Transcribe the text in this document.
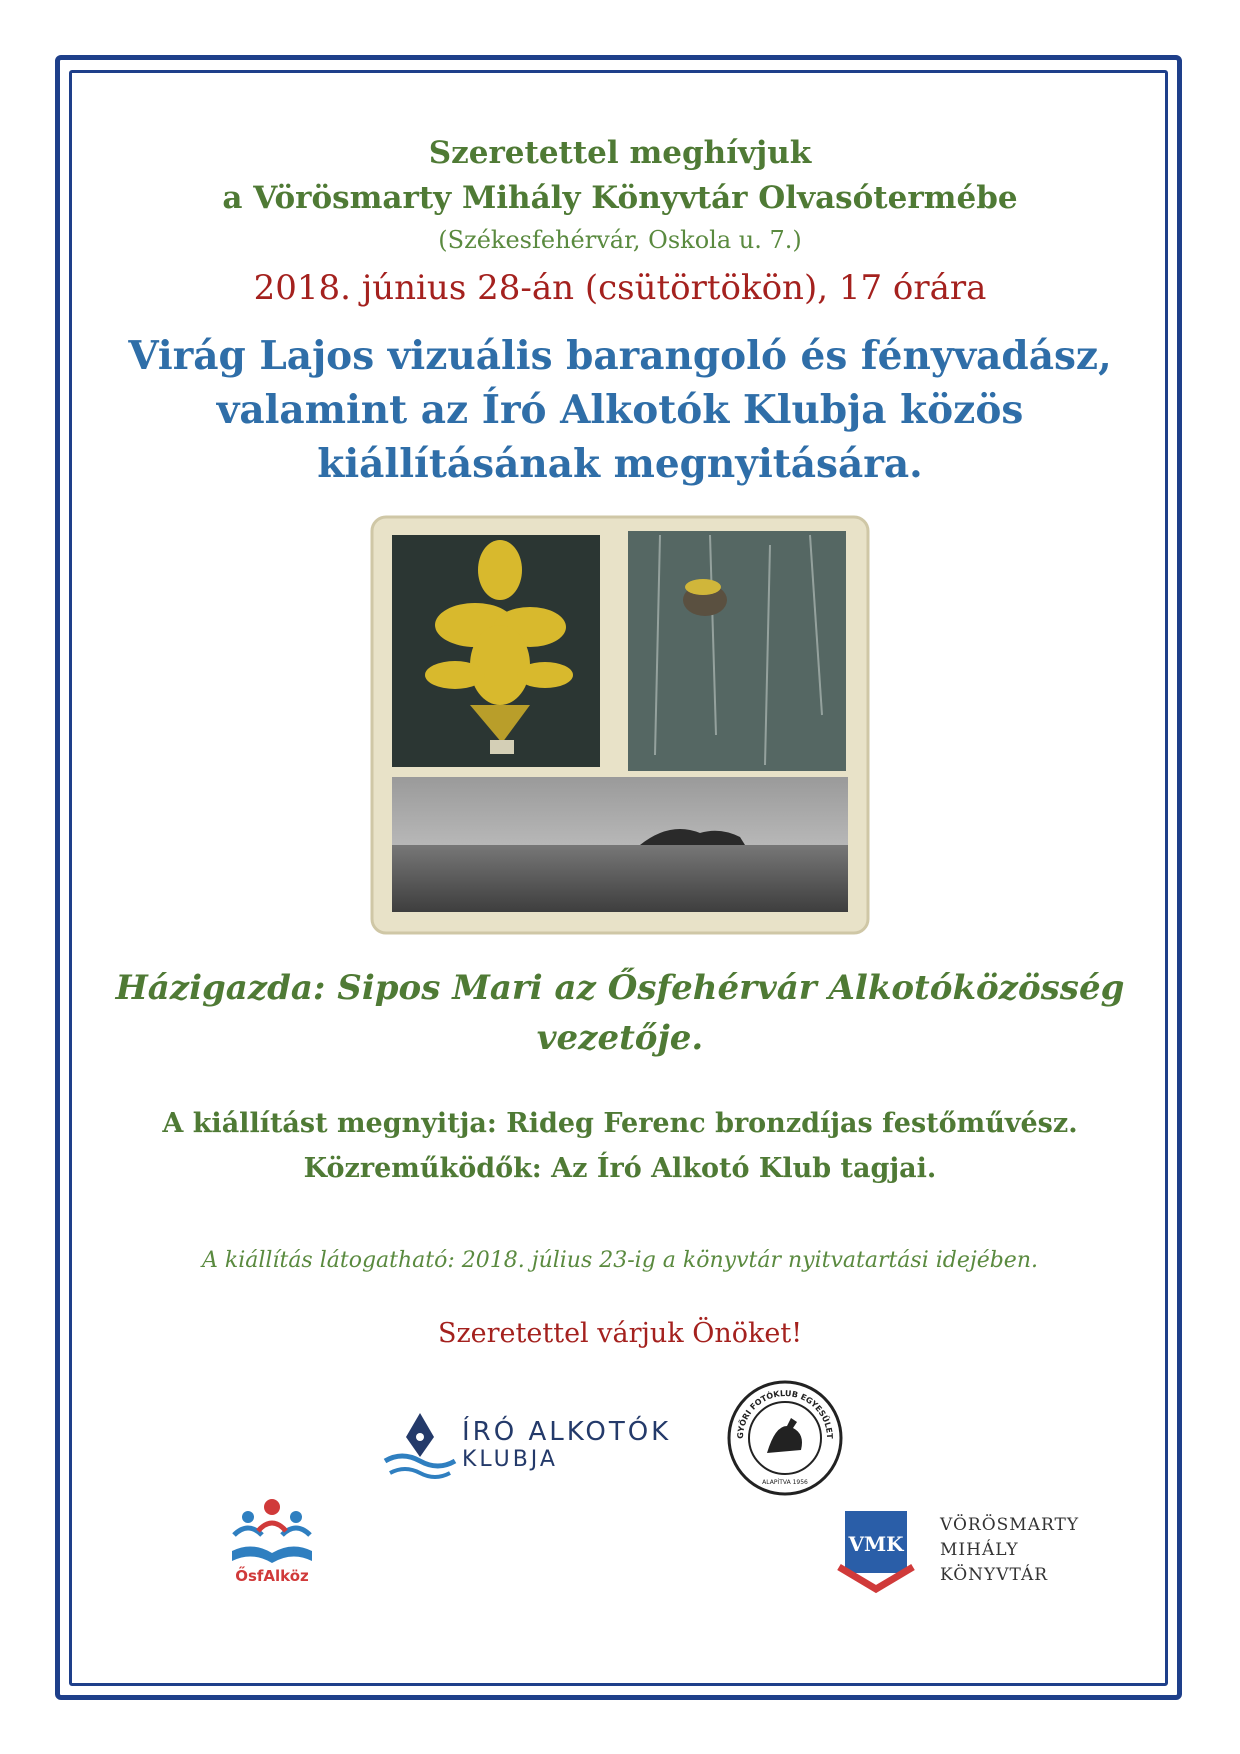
Szeretettel meghívjuk

a Vörösmarty Mihály Könyvtár Olvasótermébe

(Székesfehérvár, Oskola u. 7.)

2018. június 28-án (csütörtökön), 17 órára

Virág Lajos vizuális barangoló és fényvadász,

valamint az Író Alkotók Klubja közös

kiállításának megnyitására.

Házigazda: Sipos Mari az Ősfehérvár Alkotóközösség

vezetője.

A kiállítást megnyitja: Rideg Ferenc bronzdíjas festőművész.

Közreműködők: Az Író Alkotó Klub tagjai.

A kiállítás látogatható: 2018. július 23-ig a könyvtár nyitvatartási idejében.

Szeretettel várjuk Önöket!

ÍRÓ ALKOTÓK
KLUBJA
GYŐRI FOTÓKLUB EGYESÜLET
ALAPÍTVA 1956
ŐsfAlköz
VMK
VÖRÖSMARTY
MIHÁLY
KÖNYVTÁR
